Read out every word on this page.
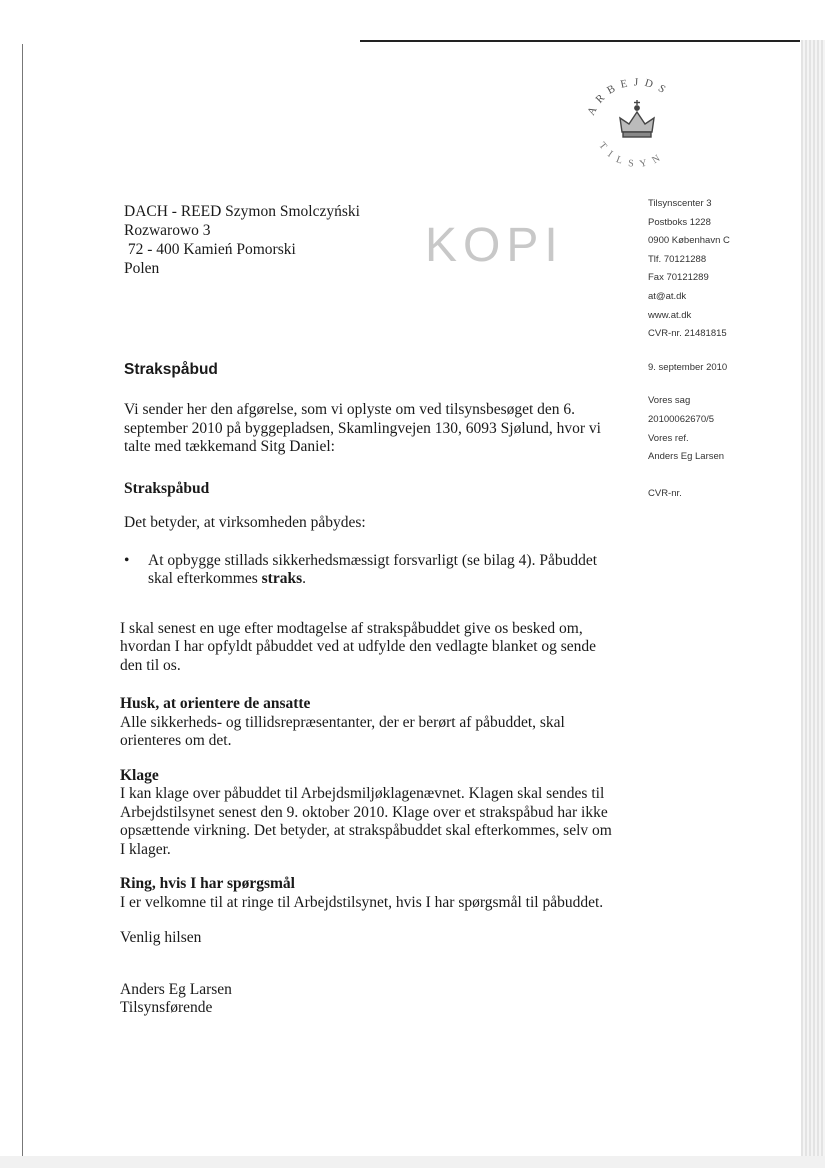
ARBEJDS
TILSYN
KOPI
DACH - REED Szymon Smolczyński
Rozwarowo 3
72 - 400 Kamień Pomorski
Polen
Tilsynscenter 3
Postboks 1228
0900 København C
Tlf. 70121288
Fax 70121289
at@at.dk
www.at.dk
CVR-nr. 21481815
9. september 2010
Vores sag
20100062670/5
Vores ref.
Anders Eg Larsen
CVR-nr.
Strakspåbud

Vi sender her den afgørelse, som vi oplyste om ved tilsynsbesøget den 6. september 2010 på byggepladsen, Skamlingvejen 130, 6093 Sjølund, hvor vi talte med tækkemand Sitg Daniel:

Strakspåbud

Det betyder, at virksomheden påbydes:

•	At opbygge stillads sikkerhedsmæssigt forsvarligt (se bilag 4). Påbuddet skal efterkommes straks.

I skal senest en uge efter modtagelse af strakspåbuddet give os besked om, hvordan I har opfyldt påbuddet ved at udfylde den vedlagte blanket og sende den til os.

Husk, at orientere de ansatte

Alle sikkerheds- og tillidsrepræsentanter, der er berørt af påbuddet, skal orienteres om det.

Klage

I kan klage over påbuddet til Arbejdsmiljøklagenævnet. Klagen skal sendes til Arbejdstilsynet senest den 9. oktober 2010. Klage over et strakspåbud har ikke opsættende virkning. Det betyder, at strakspåbuddet skal efterkommes, selv om I klager.

Ring, hvis I har spørgsmål

I er velkomne til at ringe til Arbejdstilsynet, hvis I har spørgsmål til påbuddet.

Venlig hilsen

Anders Eg Larsen

Tilsynsførende
